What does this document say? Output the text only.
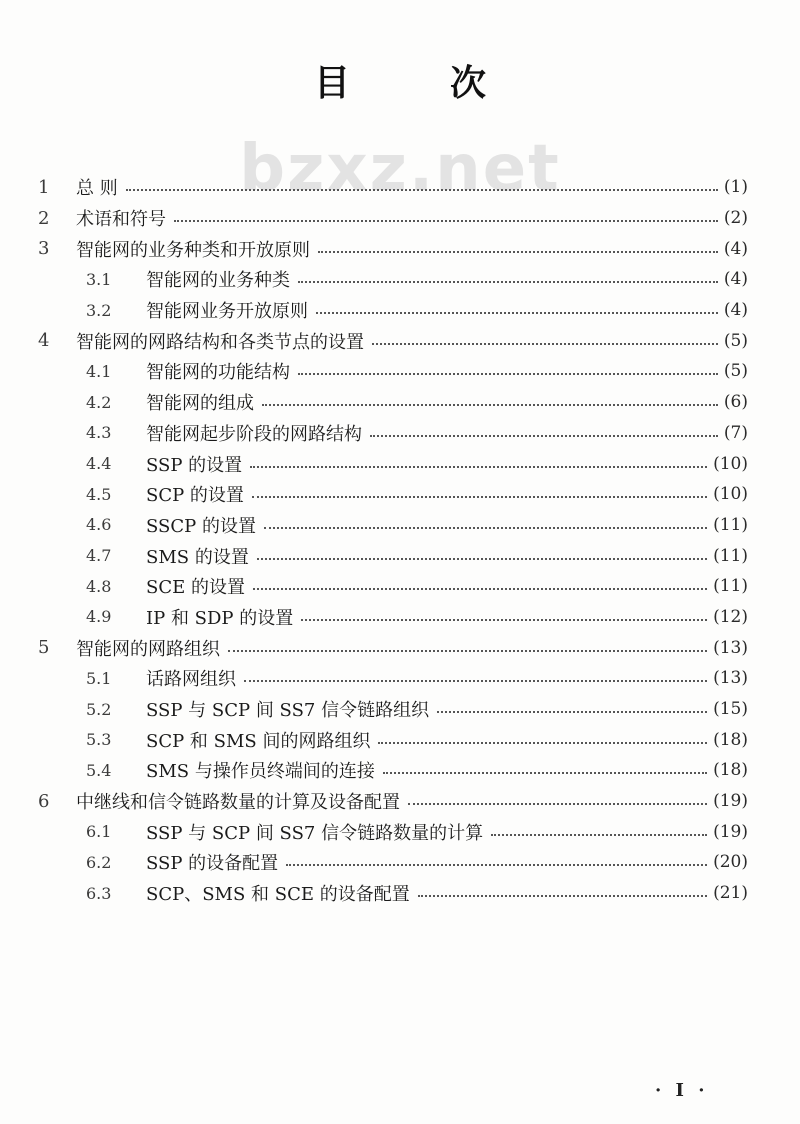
目次
bzxz.net
1	总 则	(1)
2	术语和符号	(2)
3	智能网的业务种类和开放原则	(4)
3.1	智能网的业务种类	(4)
3.2	智能网业务开放原则	(4)
4	智能网的网路结构和各类节点的设置	(5)
4.1	智能网的功能结构	(5)
4.2	智能网的组成	(6)
4.3	智能网起步阶段的网路结构	(7)
4.4	SSP 的设置	(10)
4.5	SCP 的设置	(10)
4.6	SSCP 的设置	(11)
4.7	SMS 的设置	(11)
4.8	SCE 的设置	(11)
4.9	IP 和 SDP 的设置	(12)
5	智能网的网路组织	(13)
5.1	话路网组织	(13)
5.2	SSP 与 SCP 间 SS7 信令链路组织	(15)
5.3	SCP 和 SMS 间的网路组织	(18)
5.4	SMS 与操作员终端间的连接	(18)
6	中继线和信令链路数量的计算及设备配置	(19)
6.1	SSP 与 SCP 间 SS7 信令链路数量的计算	(19)
6.2	SSP 的设备配置	(20)
6.3	SCP、SMS 和 SCE 的设备配置	(21)
· I ·
